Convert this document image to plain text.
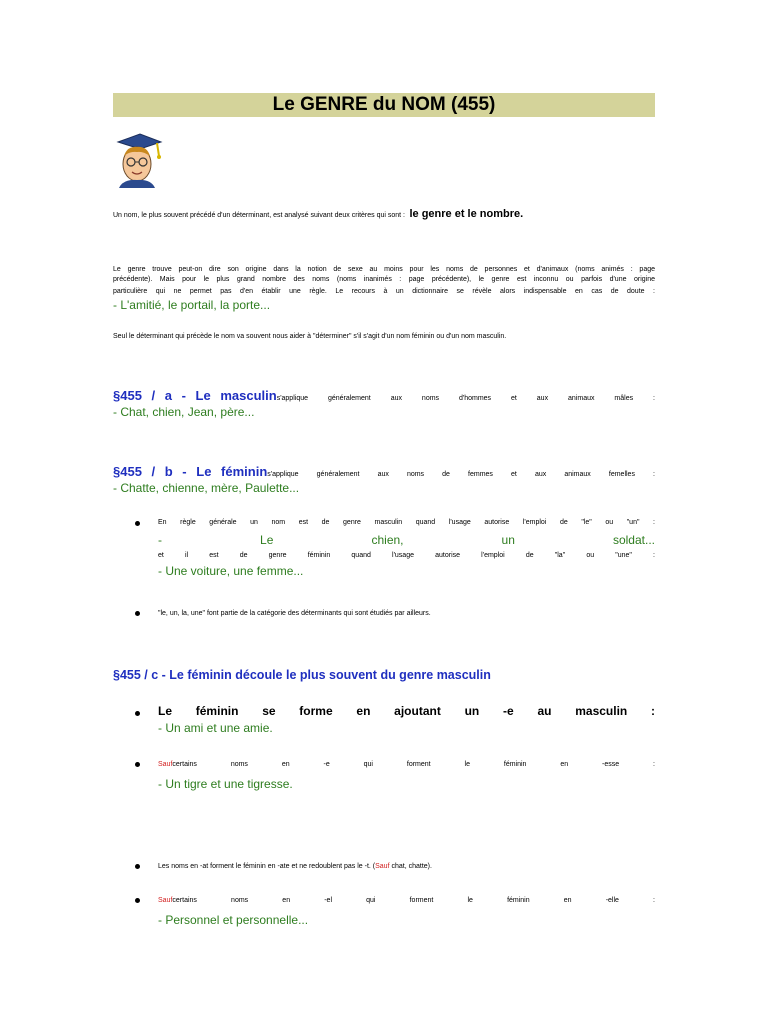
Le GENRE du NOM (455)
Un nom, le plus souvent précédé d'un déterminant, est analysé suivant deux critères qui sont : le genre et le nombre.
Le genre trouve peut-on dire son origine dans la notion de sexe au moins pour les noms de personnes et d'animaux (noms animés : page
précédente). Mais pour le plus grand nombre des noms (noms inanimés : page précédente), le genre est inconnu ou parfois d'une origine
particulière qui ne permet pas d'en établir une règle. Le recours à un dictionnaire se révèle alors indispensable en cas de doute :
- L'amitié, le portail, la porte...
Seul le déterminant qui précède le nom va souvent nous aider à "déterminer" s'il s'agit d'un nom féminin ou d'un nom masculin.
§455 / a - Le masculin s'applique généralement aux noms d'hommes et aux animaux mâles :
- Chat, chien, Jean, père...
§455 / b - Le féminin s'applique généralement aux noms de femmes et aux animaux femelles :
- Chatte, chienne, mère, Paulette...
En règle générale un nom est de genre masculin quand l'usage autorise l'emploi de "le" ou "un" :
- Le chien, un soldat...
et il est de genre féminin quand l'usage autorise l'emploi de "la" ou "une" :
- Une voiture, une femme...
"le, un, la, une" font partie de la catégorie des déterminants qui sont étudiés par ailleurs.
§455 / c - Le féminin découle le plus souvent du genre masculin
Le féminin se forme en ajoutant un -e au masculin :
- Un ami et une amie.
Sauf certains noms en -e qui forment le féminin en -esse :
- Un tigre et une tigresse.
Les noms en -at forment le féminin en -ate et ne redoublent pas le -t. (Sauf chat, chatte).
Sauf certains noms en -el qui forment le féminin en -elle :
- Personnel et personnelle...
